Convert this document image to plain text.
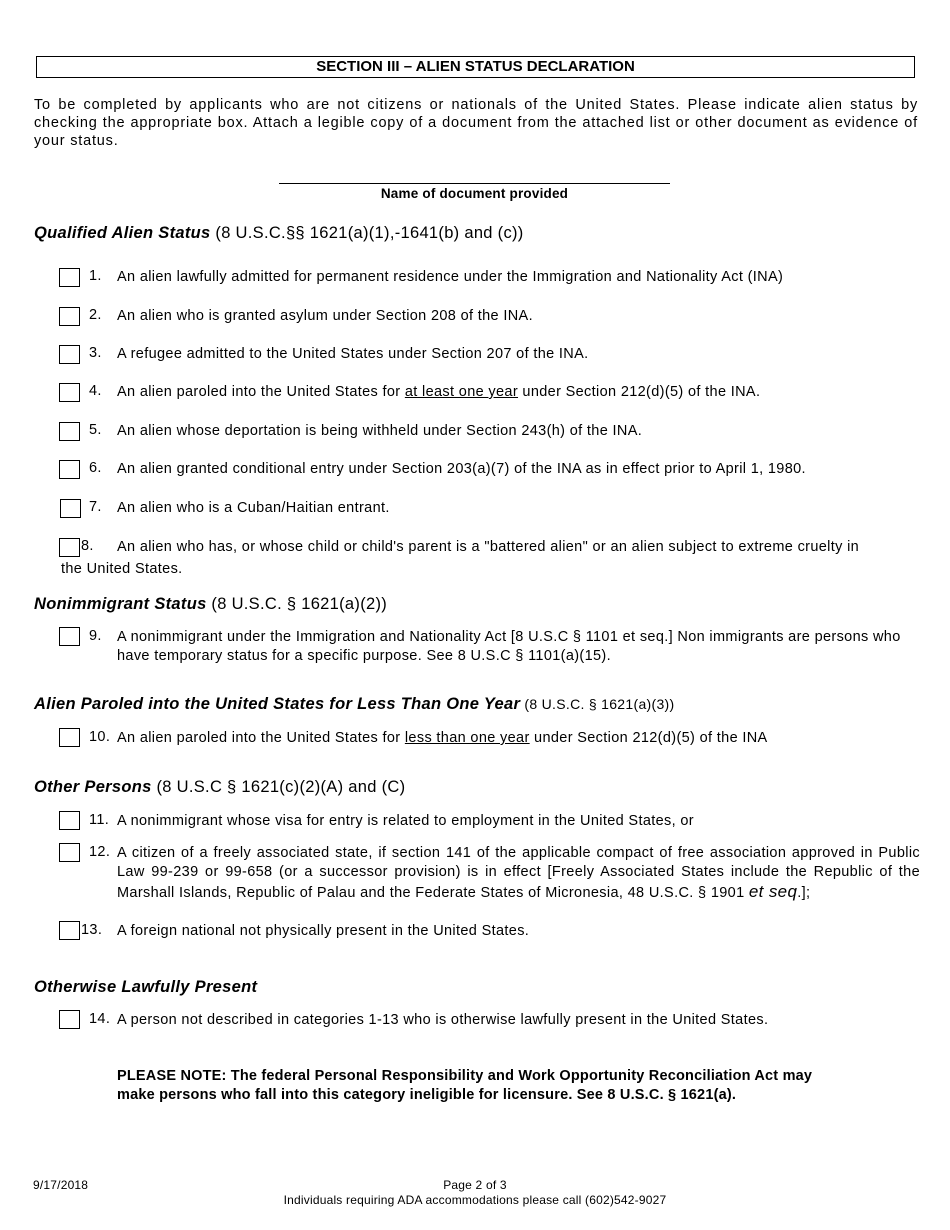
SECTION III – ALIEN STATUS DECLARATION
To be completed by applicants who are not citizens or nationals of the United States. Please indicate alien status by checking the appropriate box. Attach a legible copy of a document from the attached list or other document as evidence of your status.
Name of document provided
Qualified Alien Status (8 U.S.C.§§ 1621(a)(1),-1641(b) and (c))
1.	An alien lawfully admitted for permanent residence under the Immigration and Nationality Act (INA)
2.	An alien who is granted asylum under Section 208 of the INA.
3.	A refugee admitted to the United States under Section 207 of the INA.
4.	An alien paroled into the United States for at least one year under Section 212(d)(5) of the INA.
5.	An alien whose deportation is being withheld under Section 243(h) of the INA.
6.	An alien granted conditional entry under Section 203(a)(7) of the INA as in effect prior to April 1, 1980.
7.	An alien who is a Cuban/Haitian entrant.
8.	An alien who has, or whose child or child's parent is a "battered alien" or an alien subject to extreme cruelty in
the United States.
Nonimmigrant Status (8 U.S.C. § 1621(a)(2))
9.	A nonimmigrant under the Immigration and Nationality Act [8 U.S.C § 1101 et seq.] Non immigrants are persons who have temporary status for a specific purpose. See 8 U.S.C § 1101(a)(15).
Alien Paroled into the United States for Less Than One Year (8 U.S.C. § 1621(a)(3))
10. An alien paroled into the United States for less than one year under Section 212(d)(5) of the INA
Other Persons (8 U.S.C § 1621(c)(2)(A) and (C)
11. A nonimmigrant whose visa for entry is related to employment in the United States, or
12. A citizen of a freely associated state, if section 141 of the applicable compact of free association approved in Public Law 99-239 or 99-658 (or a successor provision) is in effect [Freely Associated States include the Republic of the Marshall Islands, Republic of Palau and the Federate States of Micronesia, 48 U.S.C. § 1901 et seq.];
13.	A foreign national not physically present in the United States.
Otherwise Lawfully Present
14. A person not described in categories 1-13 who is otherwise lawfully present in the United States.
PLEASE NOTE: The federal Personal Responsibility and Work Opportunity Reconciliation Act may make persons who fall into this category ineligible for licensure. See 8 U.S.C. § 1621(a).
9/17/2018	Page 2 of 3
Individuals requiring ADA accommodations please call (602)542-9027
